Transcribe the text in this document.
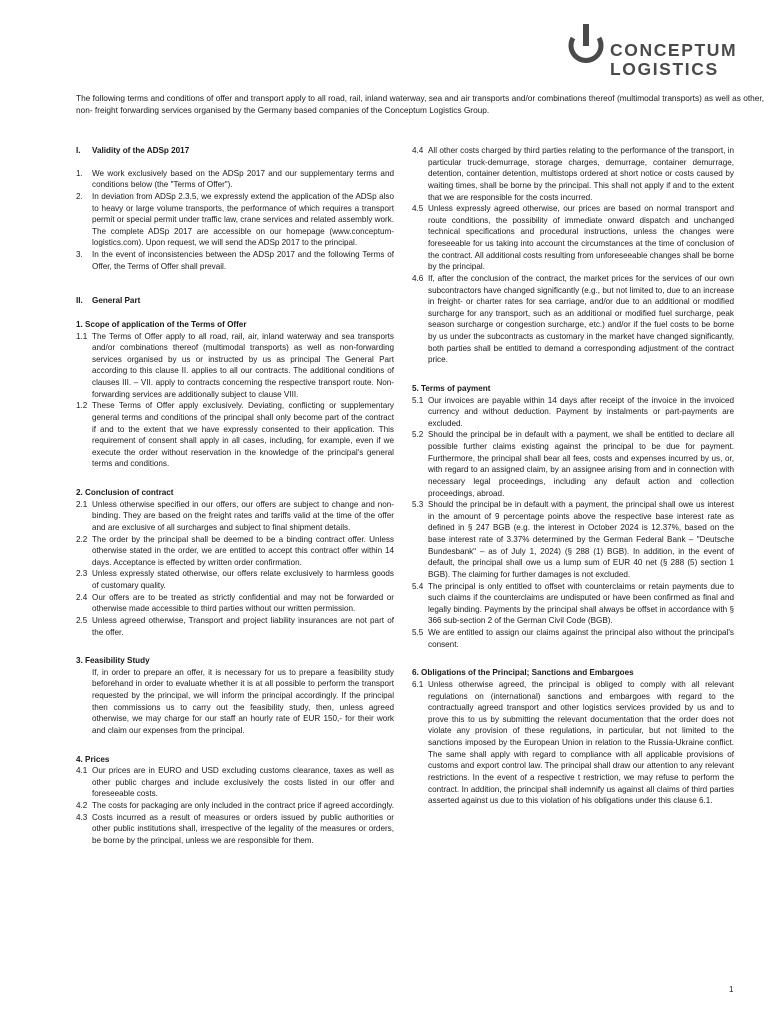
CONCEPTUM
LOGISTICS
The following terms and conditions of offer and transport apply to all road, rail, inland waterway, sea and air transports and/or combinations thereof (multimodal transports) as well as other, non- freight forwarding services organised by the Germany based companies of the Conceptum Logistics Group.
I. Validity of the ADSp 2017
1. We work exclusively based on the ADSp 2017 and our supplementary terms and conditions below (the "Terms of Offer").
2. In deviation from ADSp 2.3.5, we expressly extend the application of the ADSp also to heavy or large volume transports, the performance of which requires a transport permit or special permit under traffic law, crane services and related assembly work. The complete ADSp 2017 are accessible on our homepage (www.conceptum-logistics.com). Upon request, we will send the ADSp 2017 to the principal.
3. In the event of inconsistencies between the ADSp 2017 and the following Terms of Offer, the Terms of Offer shall prevail.
II. General Part
1. Scope of application of the Terms of Offer
1.1 The Terms of Offer apply to all road, rail, air, inland waterway and sea transports and/or combinations thereof (multimodal transports) as well as non-forwarding services organised by us or instructed by us as principal The General Part according to this clause II. applies to all our contracts. The additional conditions of clauses III. – VII. apply to contracts concerning the respective transport route. Non-forwarding services are additionally subject to clause VIII.
1.2 These Terms of Offer apply exclusively. Deviating, conflicting or supplementary general terms and conditions of the principal shall only become part of the contract if and to the extent that we have expressly consented to their application. This requirement of consent shall apply in all cases, including, for example, even if we execute the order without reservation in the knowledge of the principal's general terms and conditions.
2. Conclusion of contract
2.1 Unless otherwise specified in our offers, our offers are subject to change and non-binding. They are based on the freight rates and tariffs valid at the time of the offer and are exclusive of all surcharges and subject to final shipment details.
2.2 The order by the principal shall be deemed to be a binding contract offer. Unless otherwise stated in the order, we are entitled to accept this contract offer within 14 days. Acceptance is effected by written order confirmation.
2.3 Unless expressly stated otherwise, our offers relate exclusively to harmless goods of customary quality.
2.4 Our offers are to be treated as strictly confidential and may not be forwarded or otherwise made accessible to third parties without our written permission.
2.5 Unless agreed otherwise, Transport and project liability insurances are not part of the offer.
3. Feasibility Study
If, in order to prepare an offer, it is necessary for us to prepare a feasibility study beforehand in order to evaluate whether it is at all possible to perform the transport requested by the principal, we will inform the principal accordingly. If the principal then commissions us to carry out the feasibility study, then, unless agreed otherwise, we may charge for our staff an hourly rate of EUR 150,- for their work and claim our expenses from the principal.
4. Prices
4.1 Our prices are in EURO and USD excluding customs clearance, taxes as well as other public charges and include exclusively the costs listed in our offer and foreseeable costs.
4.2 The costs for packaging are only included in the contract price if agreed accordingly.
4.3 Costs incurred as a result of measures or orders issued by public authorities or other public institutions shall, irrespective of the legality of the measures or orders, be borne by the principal, unless we are responsible for them.
4.4 All other costs charged by third parties relating to the performance of the transport, in particular truck-demurrage, storage charges, demurrage, container demurrage, detention, container detention, multistops ordered at short notice or costs caused by waiting times, shall be borne by the principal. This shall not apply if and to the extent that we are responsible for the costs incurred.
4.5 Unless expressly agreed otherwise, our prices are based on normal transport and route conditions, the possibility of immediate onward dispatch and unchanged technical specifications and procedural instructions, unless the changes were foreseeable for us taking into account the circumstances at the time of conclusion of the contract. All additional costs resulting from unforeseeable changes shall be borne by the principal.
4.6 If, after the conclusion of the contract, the market prices for the services of our own subcontractors have changed significantly (e.g., but not limited to, due to an increase in freight- or charter rates for sea carriage, and/or due to an additional or modified surcharge for any transport, such as an additional or modified fuel surcharge, peak season surcharge or congestion surcharge, etc.) and/or if the fuel costs to be borne by us under the subcontracts as customary in the market have changed significantly, both parties shall be entitled to demand a corresponding adjustment of the contract price.
5. Terms of payment
5.1 Our invoices are payable within 14 days after receipt of the invoice in the invoiced currency and without deduction. Payment by instalments or part-payments are excluded.
5.2 Should the principal be in default with a payment, we shall be entitled to declare all possible further claims existing against the principal to be due for payment. Furthermore, the principal shall bear all fees, costs and expenses incurred by us, or, with regard to an assigned claim, by an assignee arising from and in connection with necessary legal proceedings, including any default action and collection proceedings, abroad.
5.3 Should the principal be in default with a payment, the principal shall owe us interest in the amount of 9 percentage points above the respective base interest rate as defined in § 247 BGB (e.g. the interest in October 2024 is 12.37%, based on the base interest rate of 3.37% determined by the German Federal Bank – "Deutsche Bundesbank" – as of July 1, 2024) (§ 288 (1) BGB). In addition, in the event of default, the principal shall owe us a lump sum of EUR 40 net (§ 288 (5) section 1 BGB). The claiming for further damages is not excluded.
5.4 The principal is only entitled to offset with counterclaims or retain payments due to such claims if the counterclaims are undisputed or have been confirmed as final and legally binding. Payments by the principal shall always be offset in accordance with § 366 sub-section 2 of the German Civil Code (BGB).
5.5 We are entitled to assign our claims against the principal also without the principal's consent.
6. Obligations of the Principal; Sanctions and Embargoes
6.1 Unless otherwise agreed, the principal is obliged to comply with all relevant regulations on (international) sanctions and embargoes with regard to the contractually agreed transport and other logistics services provided by us and to prove this to us by submitting the relevant documentation that the order does not violate any provision of these regulations, in particular, but not limited to the sanctions imposed by the European Union in relation to the Russia-Ukraine conflict. The same shall apply with regard to compliance with all applicable provisions of customs and export control law. The principal shall draw our attention to any relevant restrictions. In the event of a respective t restriction, we may refuse to perform the contract. In addition, the principal shall indemnify us against all claims of third parties asserted against us due to this violation of his obligations under this clause 6.1.
1
